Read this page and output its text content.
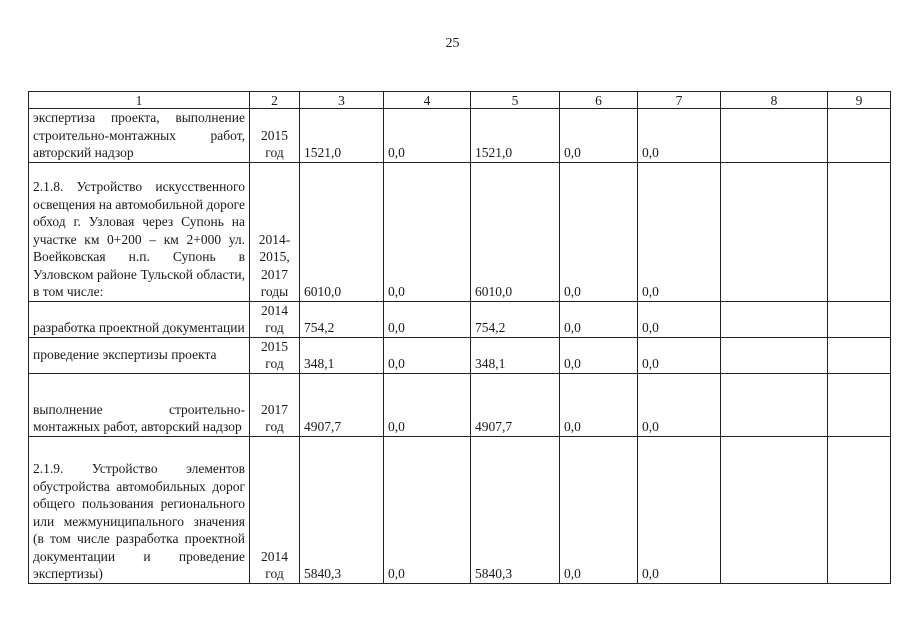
25
1	2	3	4	5	6	7	8	9
экспертиза проекта, выполнение строительно-монтажных работ, авторский надзор	2015 год	1521,0	0,0	1521,0	0,0	0,0		
2.1.8. Устройство искусственного освещения на автомобильной дороге обход г. Узловая через Супонь на участке км 0+200 – км 2+000 ул. Воейковская н.п. Супонь в Узловском районе Тульской области, в том числе:	2014-2015, 2017 годы	6010,0	0,0	6010,0	0,0	0,0		
разработка проектной документации	2014 год	754,2	0,0	754,2	0,0	0,0		
проведение экспертизы проекта	2015 год	348,1	0,0	348,1	0,0	0,0		
выполнение строительно-монтажных работ, авторский надзор	2017 год	4907,7	0,0	4907,7	0,0	0,0		
2.1.9. Устройство элементов обустройства автомобильных дорог общего пользования регионального или межмуниципального значения (в том числе разработка проектной документации и проведение экспертизы)	2014 год	5840,3	0,0	5840,3	0,0	0,0		
